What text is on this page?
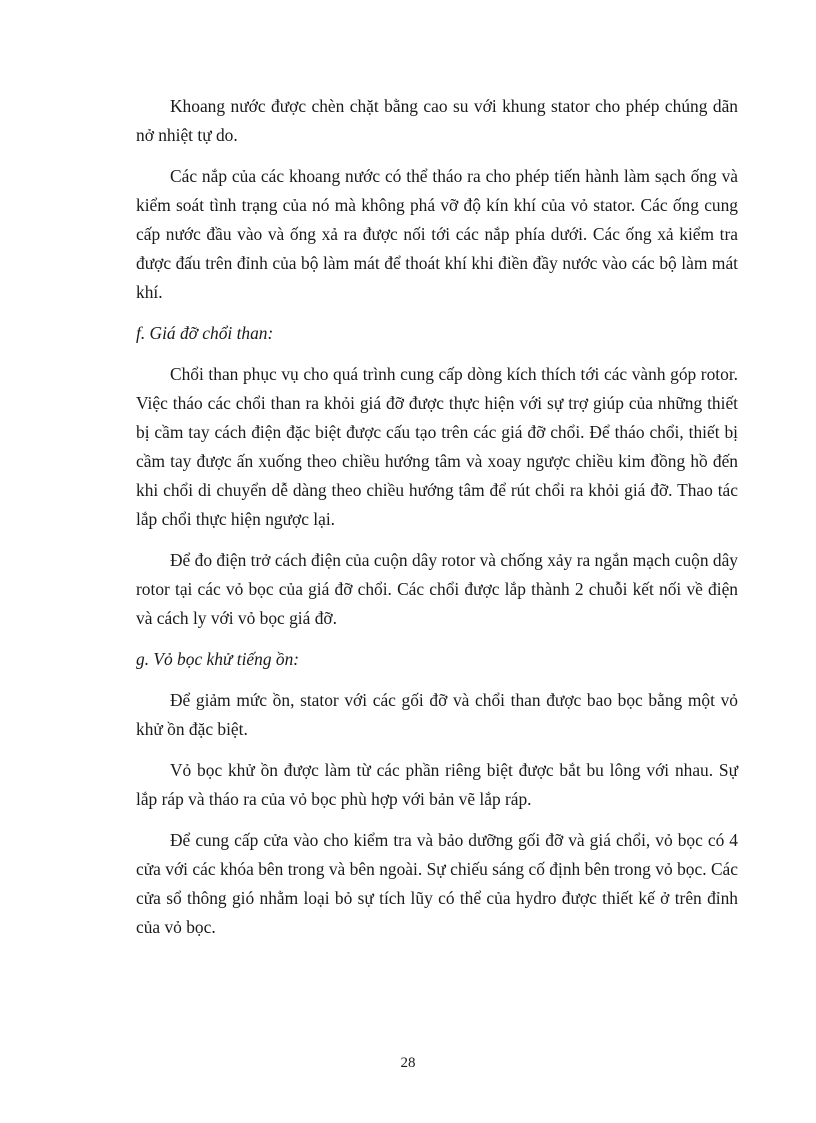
Khoang nước được chèn chặt bằng cao su với khung stator cho phép chúng dãn nở nhiệt tự do.

Các nắp của các khoang nước có thể tháo ra cho phép tiến hành làm sạch ống và kiểm soát tình trạng của nó mà không phá vỡ độ kín khí của vỏ stator. Các ống cung cấp nước đầu vào và ống xả ra được nối tới các nắp phía dưới. Các ống xả kiểm tra được đấu trên đỉnh của bộ làm mát để thoát khí khi điền đầy nước vào các bộ làm mát khí.

f. Giá đỡ chổi than:

Chổi than phục vụ cho quá trình cung cấp dòng kích thích tới các vành góp rotor. Việc tháo các chổi than ra khỏi giá đỡ được thực hiện với sự trợ giúp của những thiết bị cầm tay cách điện đặc biệt được cấu tạo trên các giá đỡ chổi. Để tháo chổi, thiết bị cầm tay được ấn xuống theo chiều hướng tâm và xoay ngược chiều kim đồng hồ đến khi chổi di chuyển dễ dàng theo chiều hướng tâm để rút chổi ra khỏi giá đỡ. Thao tác lắp chổi thực hiện ngược lại.

Để đo điện trở cách điện của cuộn dây rotor và chống xảy ra ngắn mạch cuộn dây rotor tại các vỏ bọc của giá đỡ chổi. Các chổi được lắp thành 2 chuỗi kết nối về điện và cách ly với vỏ bọc giá đỡ.

g. Vỏ bọc khử tiếng ồn:

Để giảm mức ồn, stator với các gối đỡ và chổi than được bao bọc bằng một vỏ khử ồn đặc biệt.

Vỏ bọc khử ồn được làm từ các phần riêng biệt được bắt bu lông với nhau. Sự lắp ráp và tháo ra của vỏ bọc phù hợp với bản vẽ lắp ráp.

Để cung cấp cửa vào cho kiểm tra và bảo dưỡng gối đỡ và giá chổi, vỏ bọc có 4 cửa với các khóa bên trong và bên ngoài. Sự chiếu sáng cố định bên trong vỏ bọc. Các cửa sổ thông gió nhằm loại bỏ sự tích lũy có thể của hydro được thiết kế ở trên đỉnh của vỏ bọc.

28
